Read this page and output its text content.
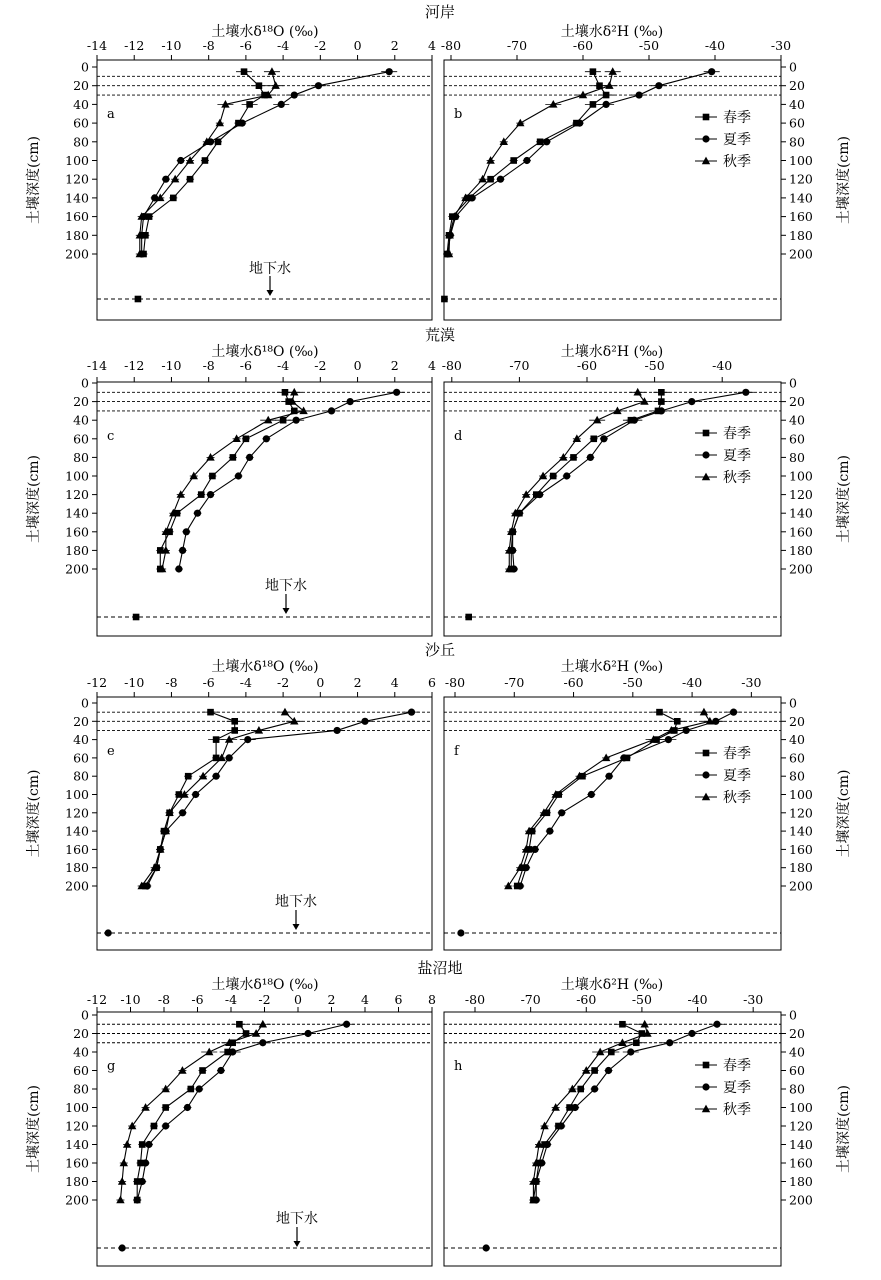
土壤水δ¹⁸O (‰)
-14 -12 -10 -8 -6 -4 -2 0 2 4
0
20
40
60
80
100
120
140
160
180
200
土壤深度(cm)
地下水
a
河岸
土壤水δ²H (‰)
-80	-70	-60	-50	-40	-30
0
20
40
60
80
100
120
140
160
180
200
土壤深度(cm)
b	春季
夏季
秋季
土壤水δ¹⁸O (‰)
-14 -12 -10 -8 -6 -4 -2 0 2 4
0
20
40
60
80
100
120
140
160
180
200
土壤深度(cm)
地下水
c
荒漠
土壤水δ²H (‰)
-80	-70	-60	-50	-40
0
20
40
60
80
100
120
140
160
180
200
土壤深度(cm)
d	春季
夏季
秋季
土壤水δ¹⁸O (‰)
-12 -10 -8 -6 -4 -2 0 2 4 6
0
20
40
60
80
100
120
140
160
180
200
土壤深度(cm)
地下水
e
沙丘
土壤水δ²H (‰)
-80	-70	-60	-50	-40	-30
0
20
40
60
80
100
120
140
160
180
200
土壤深度(cm)
f	春季
夏季
秋季
土壤水δ¹⁸O (‰)
-12 -10 -8 -6 -4 -2 0 2 4 6 8
0
20
40
60
80
100
120
140
160
180
200
土壤深度(cm)
地下水
g
盐沼地
土壤水δ²H (‰)
-80	-70	-60	-50	-40	-30
0
20
40
60
80
100
120
140
160
180
200
土壤深度(cm)
h	春季
夏季
秋季
